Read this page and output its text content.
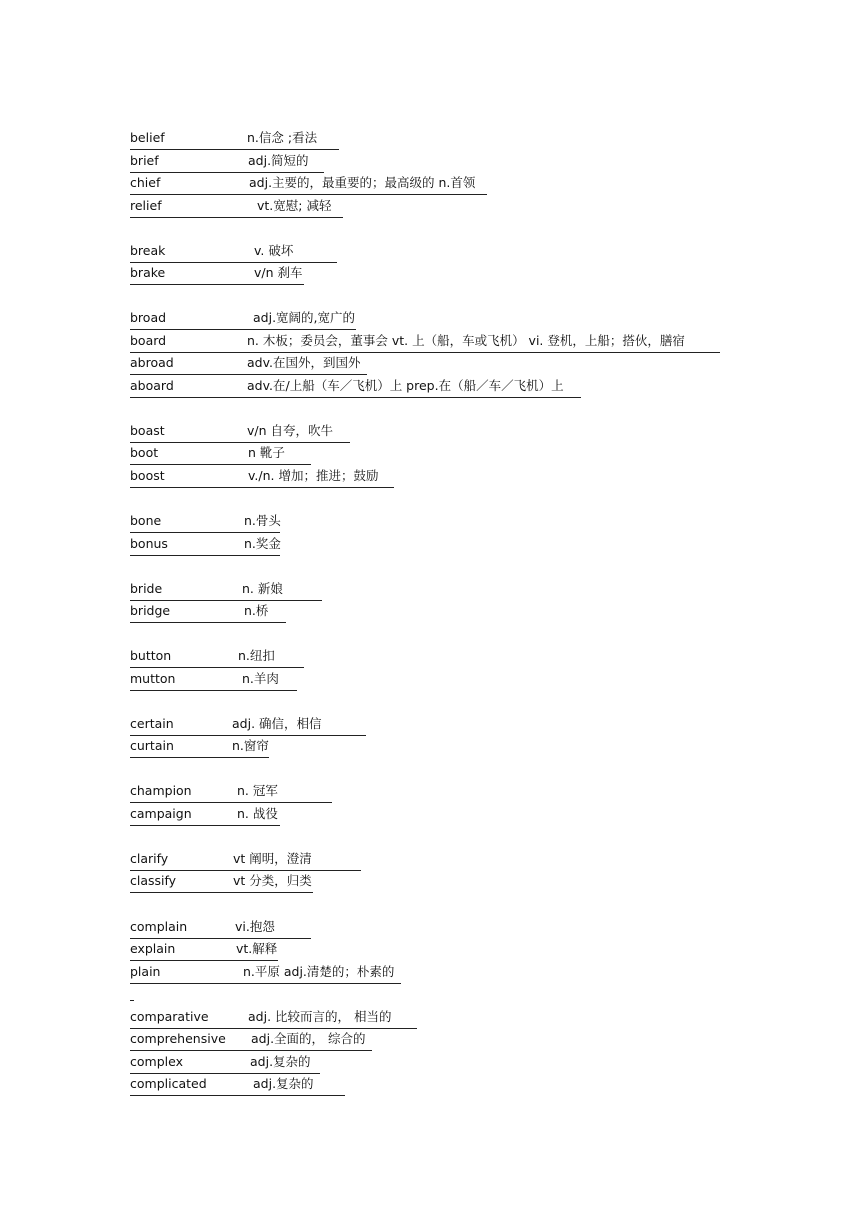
belief	n.信念 ;看法
brief	adj.简短的
chief	adj.主要的，最重要的；最高级的 n.首领
relief	vt.宽慰; 减轻
break	v. 破坏
brake	v/n 刹车
broad	adj.宽阔的,宽广的
board	n. 木板；委员会，董事会 vt. 上（船，车或飞机） vi. 登机，上船；搭伙，膳宿
abroad	adv.在国外，到国外
aboard	adv.在/上船（车／飞机）上 prep.在（船／车／飞机）上
boast	v/n 自夸，吹牛
boot	n 靴子
boost	v./n. 增加；推进；鼓励
bone	n.骨头
bonus	n.奖金
bride	n. 新娘
bridge	n.桥
button	n.纽扣
mutton	n.羊肉
certain	adj. 确信，相信
curtain	n.窗帘
champion	n. 冠军
campaign	n. 战役
clarify	vt 阐明，澄清
classify	vt 分类，归类
complain	vi.抱怨
explain	vt.解释
plain	n.平原 adj.清楚的；朴素的
comparative	adj. 比较而言的， 相当的
comprehensive adj.全面的， 综合的
complex	adj.复杂的
complicated	adj.复杂的
